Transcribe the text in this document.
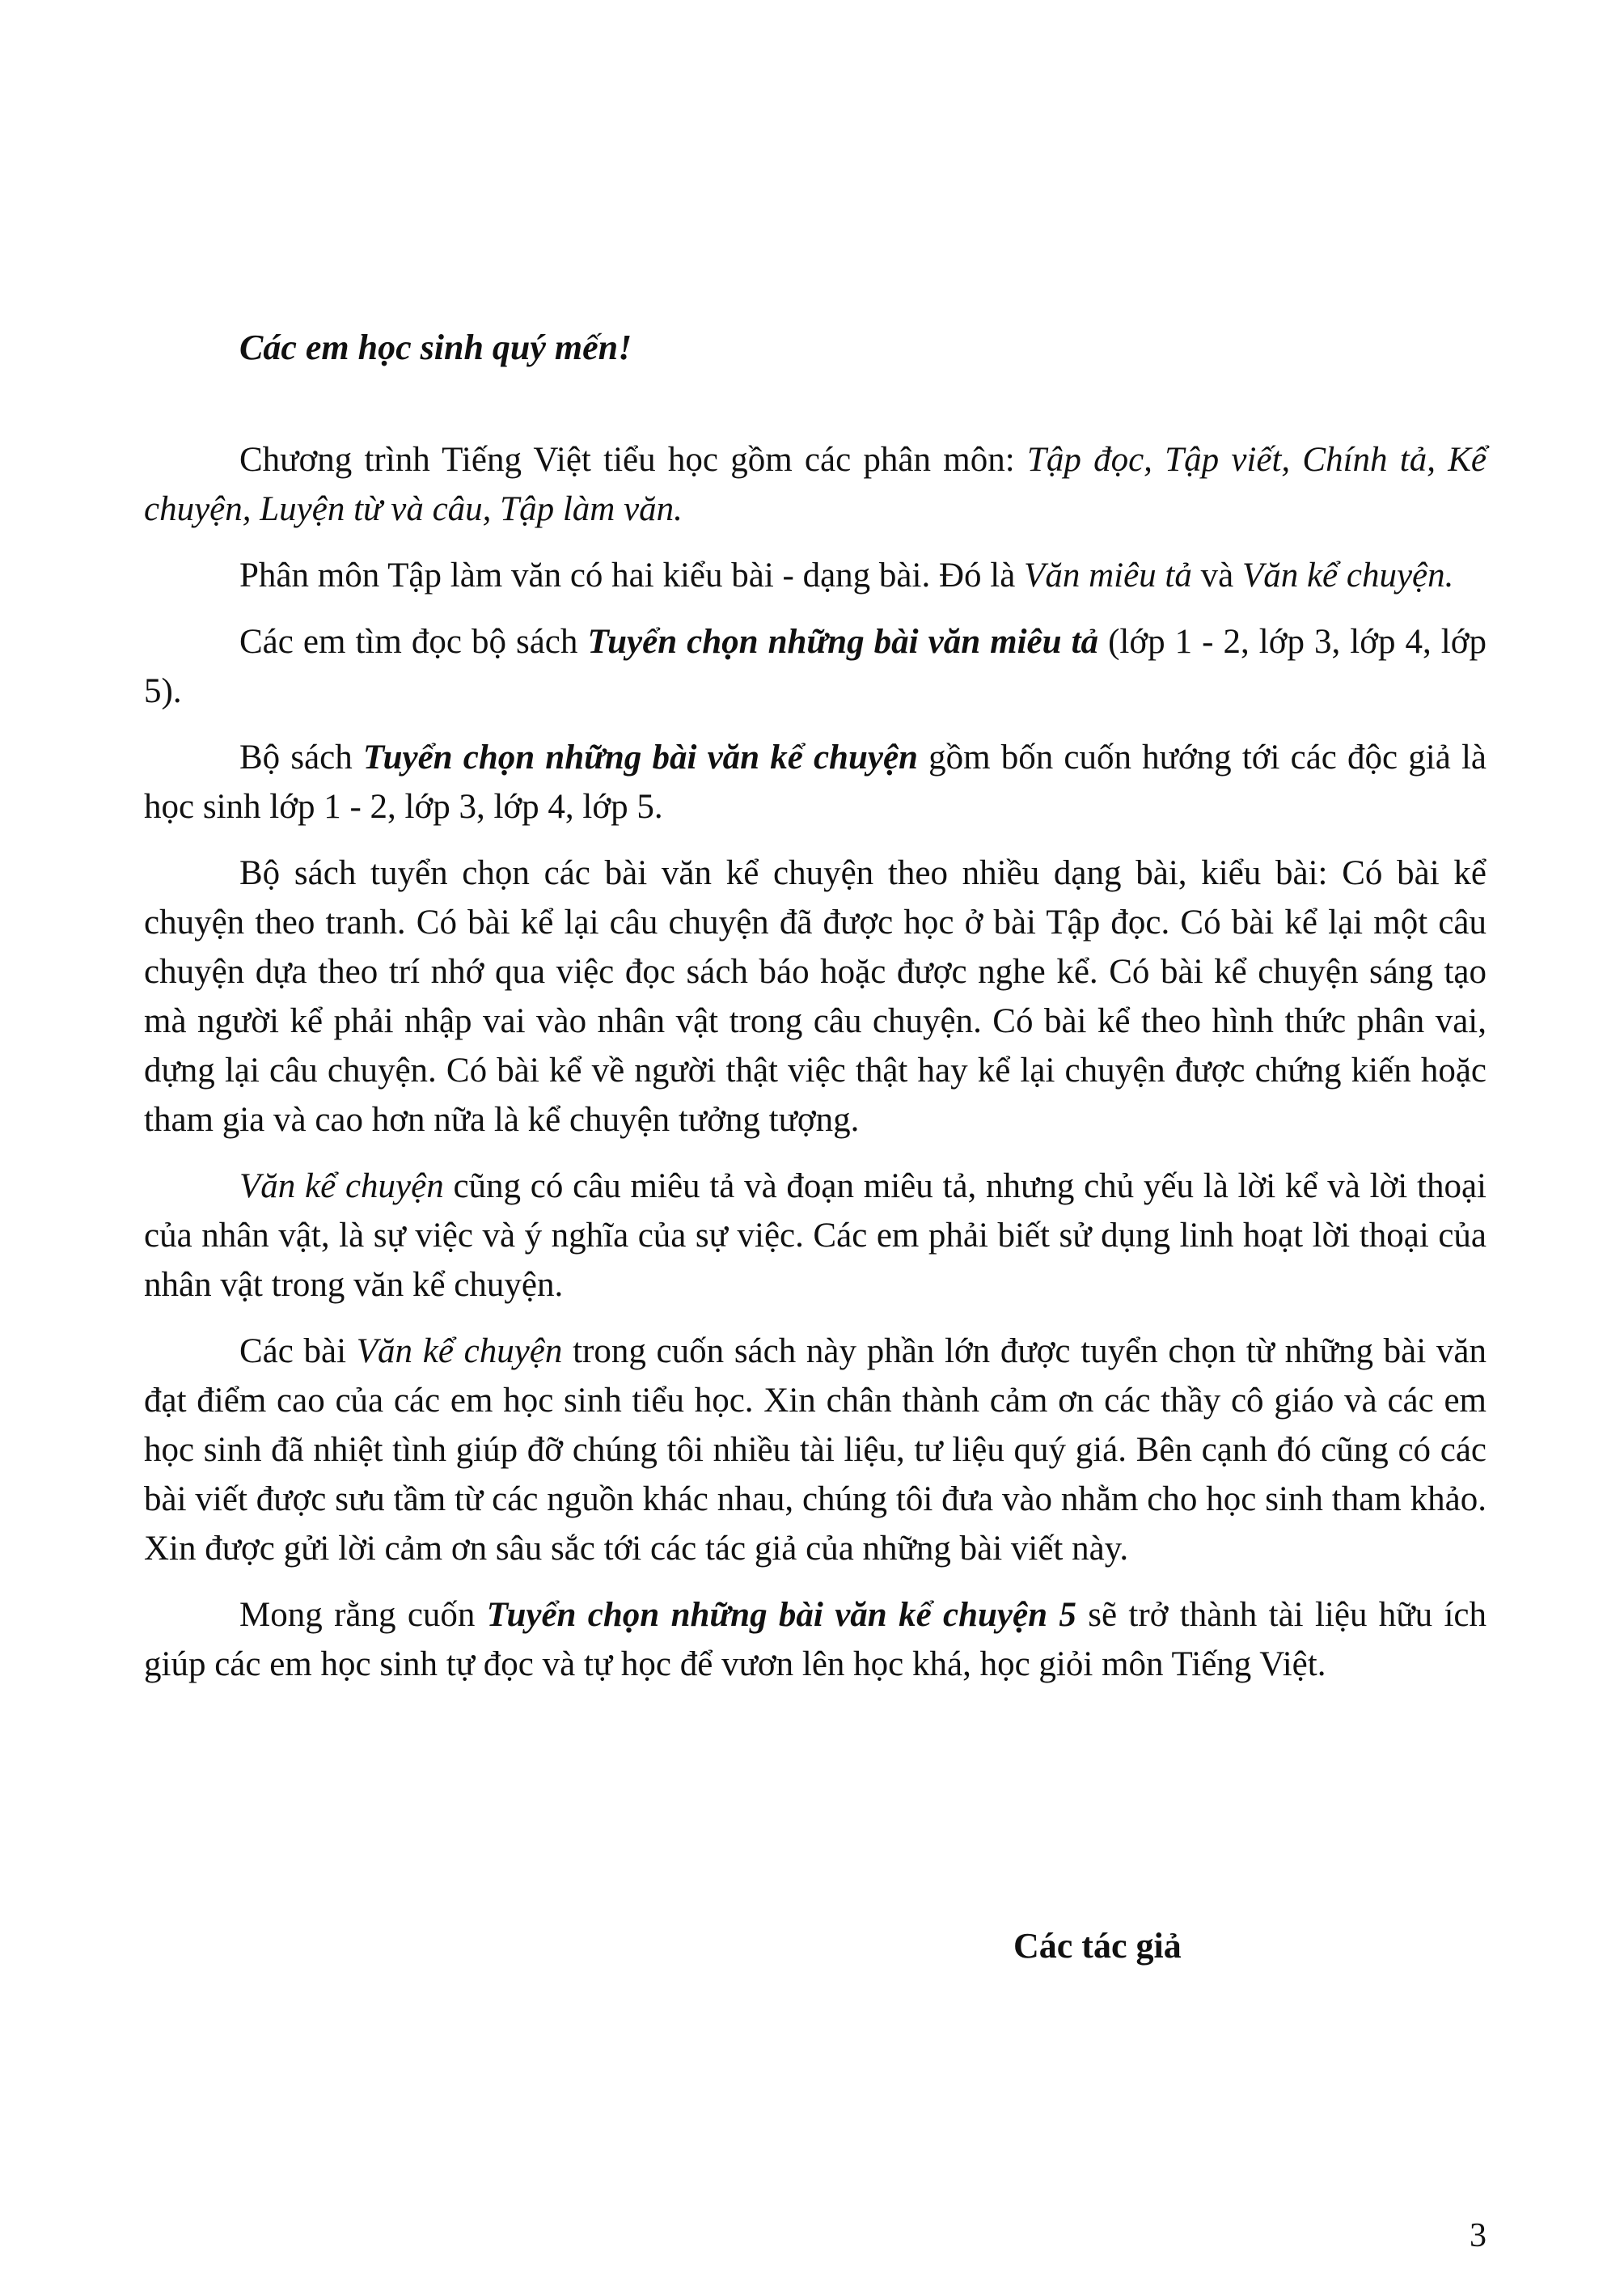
Các em học sinh quý mến!

Chương trình Tiếng Việt tiểu học gồm các phân môn: Tập đọc, Tập viết, Chính tả, Kể chuyện, Luyện từ và câu, Tập làm văn.

Phân môn Tập làm văn có hai kiểu bài - dạng bài. Đó là Văn miêu tả và Văn kể chuyện.

Các em tìm đọc bộ sách Tuyển chọn những bài văn miêu tả (lớp 1 - 2, lớp 3, lớp 4, lớp 5).

Bộ sách Tuyển chọn những bài văn kể chuyện gồm bốn cuốn hướng tới các độc giả là học sinh lớp 1 - 2, lớp 3, lớp 4, lớp 5.

Bộ sách tuyển chọn các bài văn kể chuyện theo nhiều dạng bài, kiểu bài: Có bài kể chuyện theo tranh. Có bài kể lại câu chuyện đã được học ở bài Tập đọc. Có bài kể lại một câu chuyện dựa theo trí nhớ qua việc đọc sách báo hoặc được nghe kể. Có bài kể chuyện sáng tạo mà người kể phải nhập vai vào nhân vật trong câu chuyện. Có bài kể theo hình thức phân vai, dựng lại câu chuyện. Có bài kể về người thật việc thật hay kể lại chuyện được chứng kiến hoặc tham gia và cao hơn nữa là kể chuyện tưởng tượng.

Văn kể chuyện cũng có câu miêu tả và đoạn miêu tả, nhưng chủ yếu là lời kể và lời thoại của nhân vật, là sự việc và ý nghĩa của sự việc. Các em phải biết sử dụng linh hoạt lời thoại của nhân vật trong văn kể chuyện.

Các bài Văn kể chuyện trong cuốn sách này phần lớn được tuyển chọn từ những bài văn đạt điểm cao của các em học sinh tiểu học. Xin chân thành cảm ơn các thầy cô giáo và các em học sinh đã nhiệt tình giúp đỡ chúng tôi nhiều tài liệu, tư liệu quý giá. Bên cạnh đó cũng có các bài viết được sưu tầm từ các nguồn khác nhau, chúng tôi đưa vào nhằm cho học sinh tham khảo. Xin được gửi lời cảm ơn sâu sắc tới các tác giả của những bài viết này.

Mong rằng cuốn Tuyển chọn những bài văn kể chuyện 5 sẽ trở thành tài liệu hữu ích giúp các em học sinh tự đọc và tự học để vươn lên học khá, học giỏi môn Tiếng Việt.

Các tác giả
3
